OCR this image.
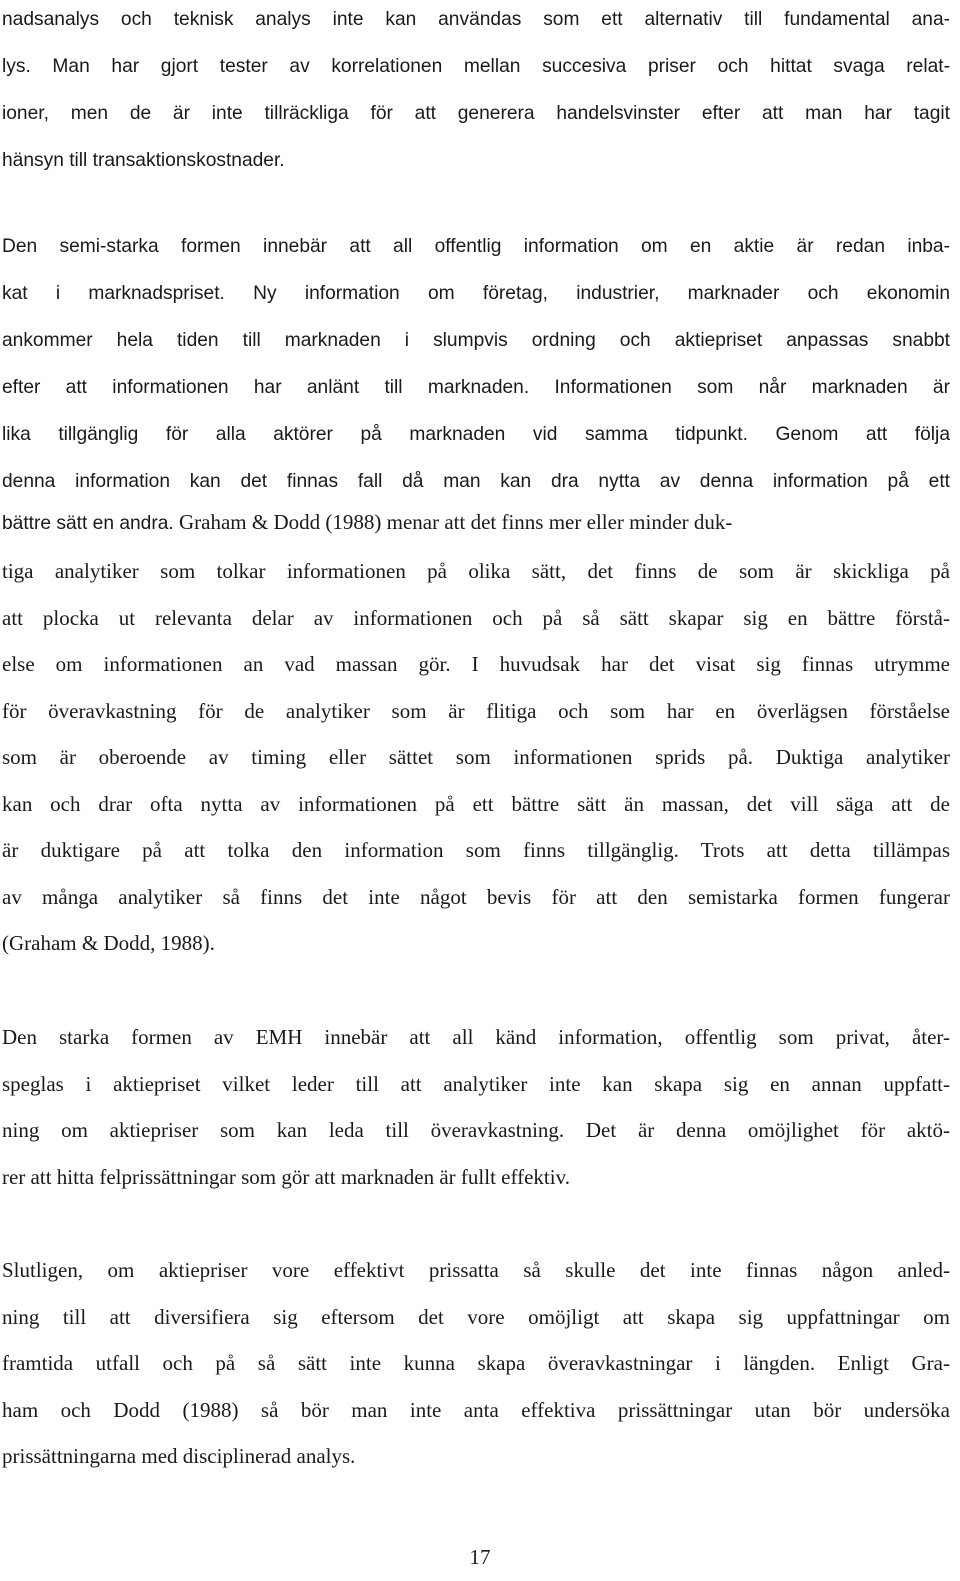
nadsanalys och teknisk analys inte kan användas som ett alternativ till fundamental ana-
lys. Man har gjort tester av korrelationen mellan succesiva priser och hittat svaga relat-
ioner, men de är inte tillräckliga för att generera handelsvinster efter att man har tagit
hänsyn till transaktionskostnader.
Den semi-starka formen innebär att all offentlig information om en aktie är redan inba-
kat i marknadspriset. Ny information om företag, industrier, marknader och ekonomin
ankommer hela tiden till marknaden i slumpvis ordning och aktiepriset anpassas snabbt
efter att informationen har anlänt till marknaden. Informationen som når marknaden är
lika tillgänglig för alla aktörer på marknaden vid samma tidpunkt. Genom att följa
denna information kan det finnas fall då man kan dra nytta av denna information på ett
bättre sätt en andra. Graham & Dodd (1988) menar att det finns mer eller minder duk-
tiga analytiker som tolkar informationen på olika sätt, det finns de som är skickliga på
att plocka ut relevanta delar av informationen och på så sätt skapar sig en bättre förstå-
else om informationen an vad massan gör. I huvudsak har det visat sig finnas utrymme
för överavkastning för de analytiker som är flitiga och som har en överlägsen förståelse
som är oberoende av timing eller sättet som informationen sprids på. Duktiga analytiker
kan och drar ofta nytta av informationen på ett bättre sätt än massan, det vill säga att de
är duktigare på att tolka den information som finns tillgänglig. Trots att detta tillämpas
av många analytiker så finns det inte något bevis för att den semistarka formen fungerar
(Graham & Dodd, 1988).
Den starka formen av EMH innebär att all känd information, offentlig som privat, åter-
speglas i aktiepriset vilket leder till att analytiker inte kan skapa sig en annan uppfatt-
ning om aktiepriser som kan leda till överavkastning. Det är denna omöjlighet för aktö-
rer att hitta felprissättningar som gör att marknaden är fullt effektiv.
Slutligen, om aktiepriser vore effektivt prissatta så skulle det inte finnas någon anled-
ning till att diversifiera sig eftersom det vore omöjligt att skapa sig uppfattningar om
framtida utfall och på så sätt inte kunna skapa överavkastningar i längden. Enligt Gra-
ham och Dodd (1988) så bör man inte anta effektiva prissättningar utan bör undersöka
prissättningarna med disciplinerad analys.
17
